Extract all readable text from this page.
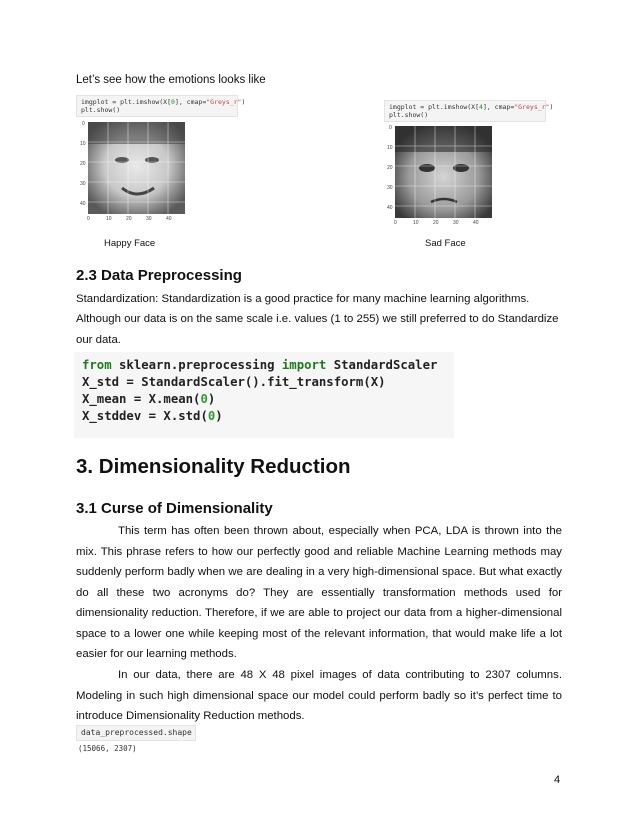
Let’s see how the emotions looks like
imgplot = plt.imshow(X[0], cmap="Greys_r")
plt.show()
0
10
20
30
40
0	10	20	30	40
Happy Face
imgplot = plt.imshow(X[4], cmap="Greys_r")
plt.show()
0
10
20
30
40
0	10	20	30	40
Sad Face
2.3 Data Preprocessing
Standardization: Standardization is a good practice for many machine learning algorithms.
Although our data is on the same scale i.e. values (1 to 255) we still preferred to do Standardize
our data.
from sklearn.preprocessing import StandardScaler
X_std = StandardScaler().fit_transform(X)
X_mean = X.mean(0)
X_stddev = X.std(0)
3. Dimensionality Reduction
3.1 Curse of Dimensionality

This term has often been thrown about, especially when PCA, LDA is thrown into the mix. This phrase refers to how our perfectly good and reliable Machine Learning methods may suddenly perform badly when we are dealing in a very high-dimensional space. But what exactly do all these two acronyms do? They are essentially transformation methods used for dimensionality reduction. Therefore, if we are able to project our data from a higher-dimensional space to a lower one while keeping most of the relevant information, that would make life a lot easier for our learning methods.

In our data, there are 48 X 48 pixel images of data contributing to 2307 columns. Modeling in such high dimensional space our model could perform badly so it’s perfect time to introduce Dimensionality Reduction methods.

data_preprocessed.shape
(15066, 2307)
4
